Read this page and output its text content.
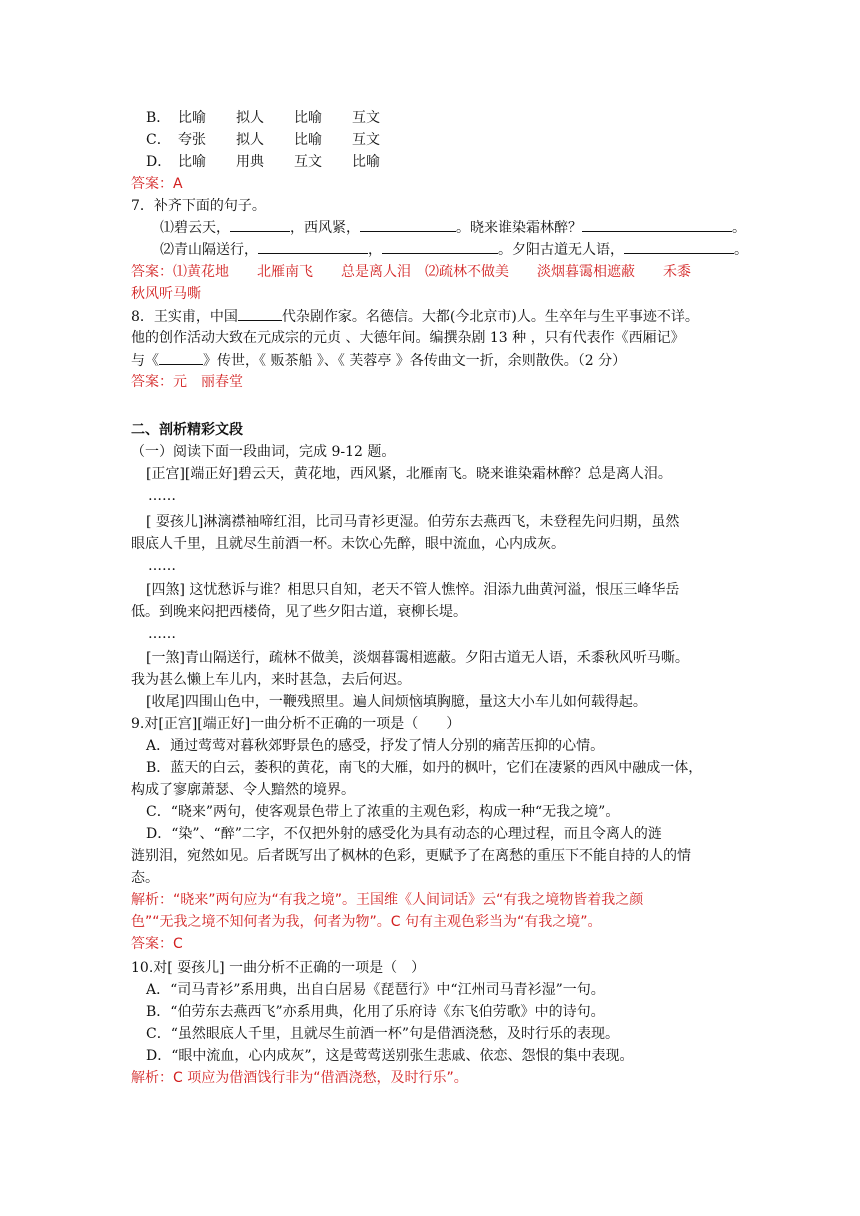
B． 比喻 拟人 比喻 互文
C． 夸张 拟人 比喻 互文
D． 比喻 用典 互文 比喻
答案：A
7．补齐下面的句子。
⑴碧云天，	，西风紧，	。晓来谁染霜林醉？	。
⑵青山隔送行，	，	。夕阳古道无人语，	。
答案：⑴黄花地　　北雁南飞　　总是离人泪　⑵疏林不做美　　淡烟暮霭相遮蔽　　禾黍
秋风听马嘶
8．王实甫，中国	代杂剧作家。名德信。大都(今北京市)人。生卒年与生平事迹不详。
他的创作活动大致在元成宗的元贞 、大德年间。编撰杂剧 13 种 ，只有代表作《西厢记》
与《	》传世，《 贩茶船 》、《 芙蓉亭 》各传曲文一折，余则散佚。（2 分）
答案：元　丽春堂
二、剖析精彩文段
（一）阅读下面一段曲词，完成 9-12 题。
[正宫][端正好]碧云天，黄花地，西风紧，北雁南飞。晓来谁染霜林醉？总是离人泪。
……
[ 耍孩儿]淋漓襟袖啼红泪，比司马青衫更湿。伯劳东去燕西飞，未登程先问归期，虽然
眼底人千里，且就尽生前酒一杯。未饮心先醉，眼中流血，心内成灰。
……
[四煞] 这忧愁诉与谁？相思只自知，老天不管人憔悴。泪添九曲黄河溢，恨压三峰华岳
低。到晚来闷把西楼倚，见了些夕阳古道，衰柳长堤。
……
[一煞]青山隔送行，疏林不做美，淡烟暮霭相遮蔽。夕阳古道无人语，禾黍秋风听马嘶。
我为甚么懒上车儿内，来时甚急，去后何迟。
[收尾]四围山色中，一鞭残照里。遍人间烦恼填胸臆，量这大小车儿如何载得起。
9.对[正宫][端正好]一曲分析不正确的一项是（　　）
A．通过莺莺对暮秋郊野景色的感受，抒发了情人分别的痛苦压抑的心情。
B．蓝天的白云，萎积的黄花，南飞的大雁，如丹的枫叶，它们在凄紧的西风中融成一体，
构成了寥廓萧瑟、令人黯然的境界。
C．“晓来”两句，使客观景色带上了浓重的主观色彩，构成一种“无我之境”。
D．“染”、“醉”二字，不仅把外射的感受化为具有动态的心理过程，而且令离人的涟
涟别泪，宛然如见。后者既写出了枫林的色彩，更赋予了在离愁的重压下不能自持的人的情
态。
解析：“晓来”两句应为“有我之境”。王国维《人间词话》云“有我之境物皆着我之颜
色”“无我之境不知何者为我，何者为物”。C 句有主观色彩当为“有我之境”。
答案：C
10.对[ 耍孩儿] 一曲分析不正确的一项是（　）
A．“司马青衫”系用典，出自白居易《琵琶行》中“江州司马青衫湿”一句。
B．“伯劳东去燕西飞”亦系用典，化用了乐府诗《东飞伯劳歌》中的诗句。
C．“虽然眼底人千里，且就尽生前酒一杯”句是借酒浇愁，及时行乐的表现。
D．“眼中流血，心内成灰”，这是莺莺送别张生悲戚、依恋、怨恨的集中表现。
解析：C 项应为借酒饯行非为“借酒浇愁，及时行乐”。
